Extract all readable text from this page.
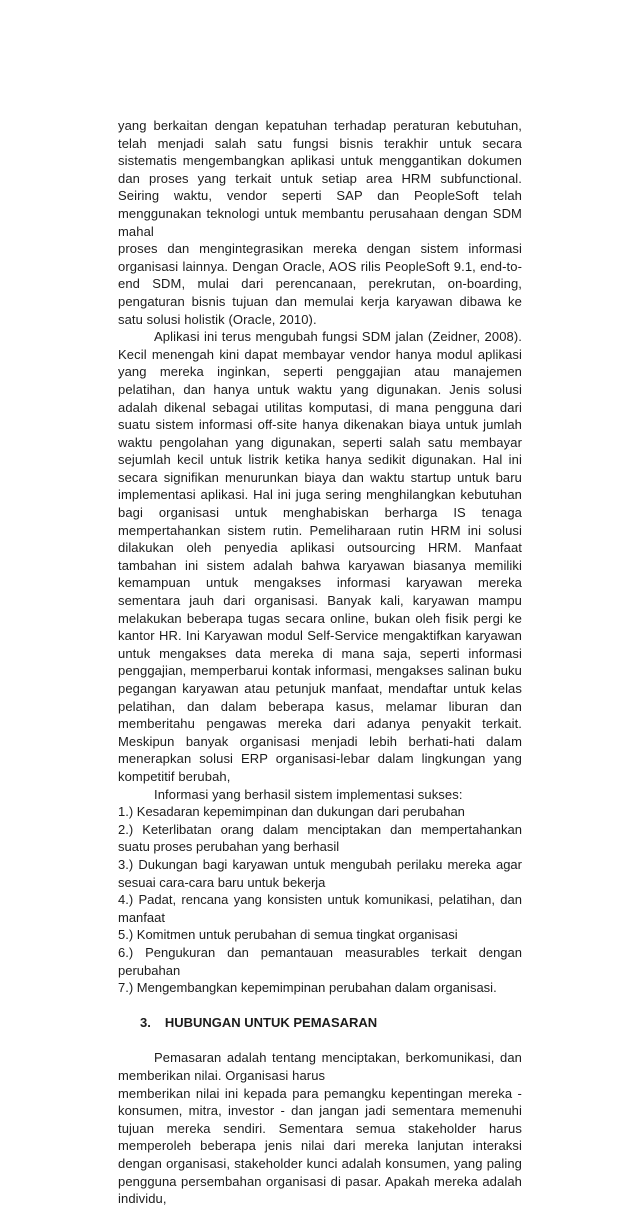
yang berkaitan dengan kepatuhan terhadap peraturan kebutuhan, telah menjadi salah satu fungsi bisnis terakhir untuk secara sistematis mengembangkan aplikasi untuk menggantikan dokumen dan proses yang terkait untuk setiap area HRM subfunctional. Seiring waktu, vendor seperti SAP dan PeopleSoft telah menggunakan teknologi untuk membantu perusahaan dengan SDM mahal

proses dan mengintegrasikan mereka dengan sistem informasi organisasi lainnya. Dengan Oracle, AOS rilis PeopleSoft 9.1, end-to-end SDM, mulai dari perencanaan, perekrutan, on-boarding, pengaturan bisnis tujuan dan memulai kerja karyawan dibawa ke satu solusi holistik (Oracle, 2010).

Aplikasi ini terus mengubah fungsi SDM jalan (Zeidner, 2008). Kecil menengah kini dapat membayar vendor hanya modul aplikasi yang mereka inginkan, seperti penggajian atau manajemen pelatihan, dan hanya untuk waktu yang digunakan. Jenis solusi adalah dikenal sebagai utilitas komputasi, di mana pengguna dari suatu sistem informasi off-site hanya dikenakan biaya untuk jumlah waktu pengolahan yang digunakan, seperti salah satu membayar sejumlah kecil untuk listrik ketika hanya sedikit digunakan. Hal ini secara signifikan menurunkan biaya dan waktu startup untuk baru implementasi aplikasi. Hal ini juga sering menghilangkan kebutuhan bagi organisasi untuk menghabiskan berharga IS tenaga mempertahankan sistem rutin. Pemeliharaan rutin HRM ini solusi dilakukan oleh penyedia aplikasi outsourcing HRM. Manfaat tambahan ini sistem adalah bahwa karyawan biasanya memiliki kemampuan untuk mengakses informasi karyawan mereka sementara jauh dari organisasi. Banyak kali, karyawan mampu melakukan beberapa tugas secara online, bukan oleh fisik pergi ke kantor HR. Ini Karyawan modul Self-Service mengaktifkan karyawan untuk mengakses data mereka di mana saja, seperti informasi penggajian, memperbarui kontak informasi, mengakses salinan buku pegangan karyawan atau petunjuk manfaat, mendaftar untuk kelas pelatihan, dan dalam beberapa kasus, melamar liburan dan memberitahu pengawas mereka dari adanya penyakit terkait. Meskipun banyak organisasi menjadi lebih berhati-hati dalam menerapkan solusi ERP organisasi-lebar dalam lingkungan yang kompetitif berubah,

Informasi yang berhasil sistem implementasi sukses:

1.) Kesadaran kepemimpinan dan dukungan dari perubahan

2.) Keterlibatan orang dalam menciptakan dan mempertahankan suatu proses perubahan yang berhasil

3.) Dukungan bagi karyawan untuk mengubah perilaku mereka agar sesuai cara-cara baru untuk bekerja

4.) Padat, rencana yang konsisten untuk komunikasi, pelatihan, dan manfaat

5.) Komitmen untuk perubahan di semua tingkat organisasi

6.) Pengukuran dan pemantauan measurables terkait dengan perubahan

7.) Mengembangkan kepemimpinan perubahan dalam organisasi.

3. HUBUNGAN UNTUK PEMASARAN

Pemasaran adalah tentang menciptakan, berkomunikasi, dan memberikan nilai. Organisasi harus

memberikan nilai ini kepada para pemangku kepentingan mereka - konsumen, mitra, investor - dan jangan jadi sementara memenuhi tujuan mereka sendiri. Sementara semua stakeholder harus memperoleh beberapa jenis nilai dari mereka lanjutan interaksi dengan organisasi, stakeholder kunci adalah konsumen, yang paling pengguna persembahan organisasi di pasar. Apakah mereka adalah individu,
